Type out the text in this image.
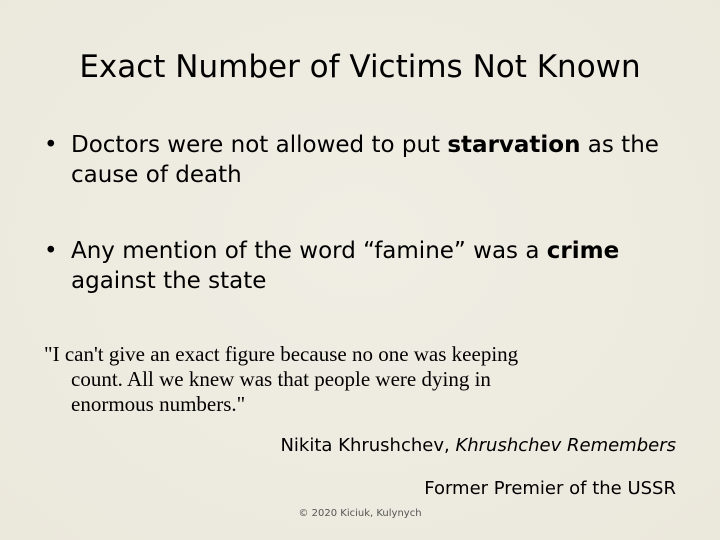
Exact Number of Victims Not Known
• Doctors were not allowed to put starvation as the cause of death
• Any mention of the word “famine” was a crime against the state
"I can't give an exact figure because no one was keeping
count. All we knew was that people were dying in
enormous numbers."
Nikita Khrushchev, Khrushchev Remembers
Former Premier of the USSR
© 2020 Kiciuk, Kulynych
